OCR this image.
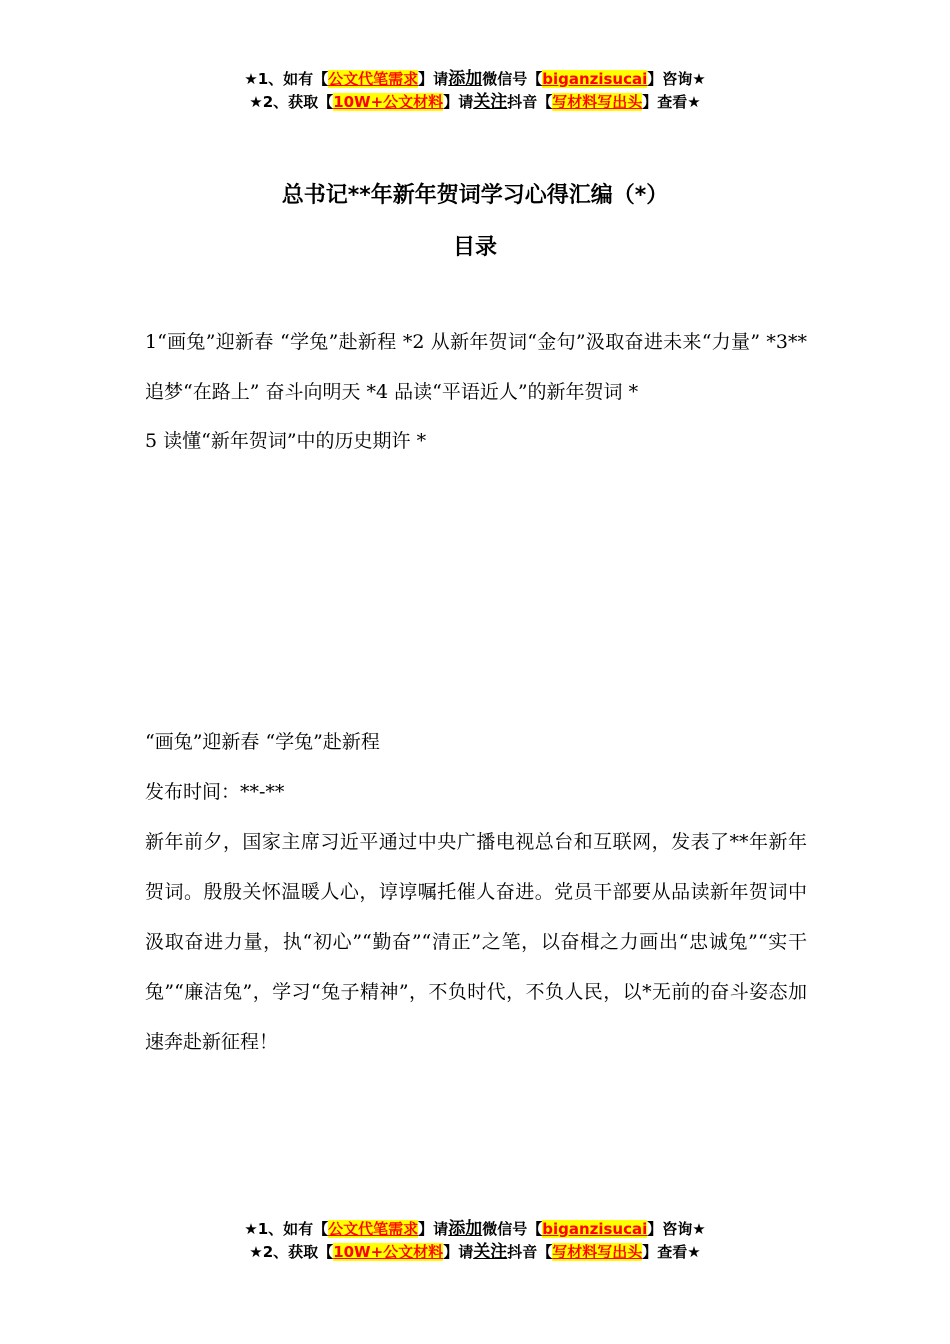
★1、如有【公文代笔需求】请添加微信号【biganzisucai】咨询★
★2、获取【10W+公文材料】请关注抖音【写材料写出头】查看★
总书记**年新年贺词学习心得汇编（*）
目录

1“画兔”迎新春 “学兔”赴新程 *2 从新年贺词“金句”汲取奋进未来“力量” *3**追梦“在路上” 奋斗向明天 *4 品读“平语近人”的新年贺词 *

5 读懂“新年贺词”中的历史期许 *

“画兔”迎新春 “学兔”赴新程

发布时间：**-**

新年前夕，国家主席习近平通过中央广播电视总台和互联网，发表了**年新年贺词。殷殷关怀温暖人心，谆谆嘱托催人奋进。党员干部要从品读新年贺词中汲取奋进力量，执“初心”“勤奋”“清正”之笔，以奋楫之力画出“忠诚兔”“实干兔”“廉洁兔”，学习“兔子精神”，不负时代，不负人民，以*无前的奋斗姿态加速奔赴新征程！

★1、如有【公文代笔需求】请添加微信号【biganzisucai】咨询★
★2、获取【10W+公文材料】请关注抖音【写材料写出头】查看★
